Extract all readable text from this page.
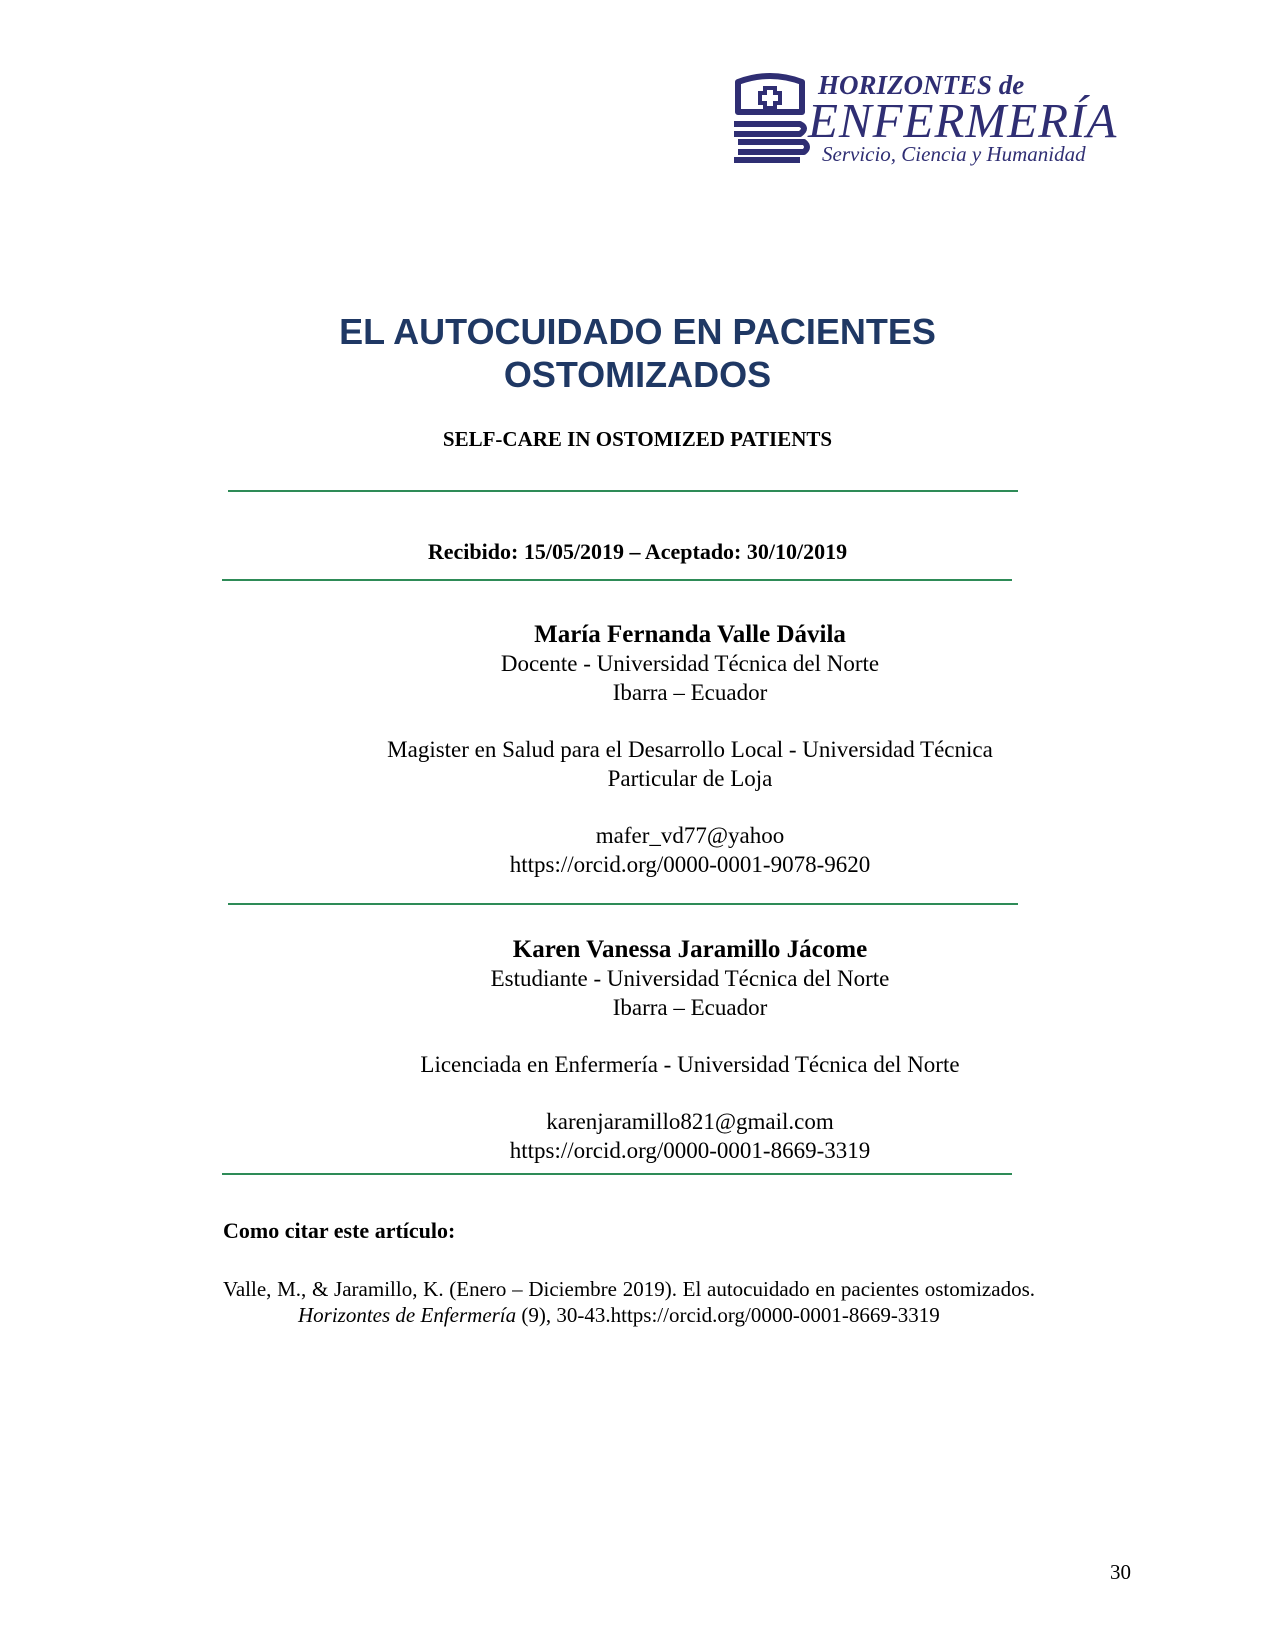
HORIZONTES de
ENFERMERÍA
Servicio, Ciencia y Humanidad
EL AUTOCUIDADO EN PACIENTES
OSTOMIZADOS
SELF-CARE IN OSTOMIZED PATIENTS
Recibido: 15/05/2019 – Aceptado: 30/10/2019
María Fernanda Valle Dávila
Docente - Universidad Técnica del Norte
Ibarra – Ecuador
Magister en Salud para el Desarrollo Local - Universidad Técnica
Particular de Loja
mafer_vd77@yahoo
https://orcid.org/0000-0001-9078-9620
Karen Vanessa Jaramillo Jácome
Estudiante - Universidad Técnica del Norte
Ibarra – Ecuador
Licenciada en Enfermería - Universidad Técnica del Norte
karenjaramillo821@gmail.com
https://orcid.org/0000-0001-8669-3319
Como citar este artículo:
Valle, M., & Jaramillo, K. (Enero – Diciembre 2019). El autocuidado en pacientes ostomizados. Horizontes de Enfermería (9), 30-43.https://orcid.org/0000-0001-8669-3319
30
